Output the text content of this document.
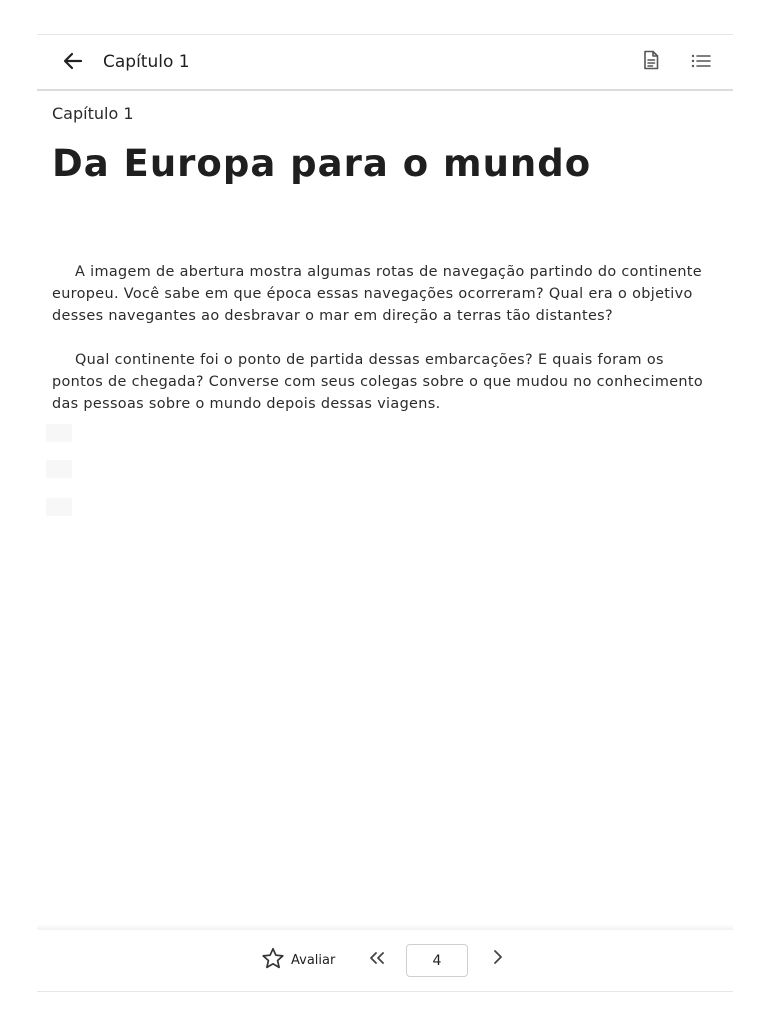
Capítulo 1
Capítulo 1
Da Europa para o mundo

A imagem de abertura mostra algumas rotas de navegação partindo do continente europeu. Você sabe em que época essas navegações ocorreram? Qual era o objetivo desses navegantes ao desbravar o mar em direção a terras tão distantes?

Qual continente foi o ponto de partida dessas embarcações? E quais foram os pontos de chegada? Converse com seus colegas sobre o que mudou no conhecimento das pessoas sobre o mundo depois dessas viagens.

Avaliar
4
